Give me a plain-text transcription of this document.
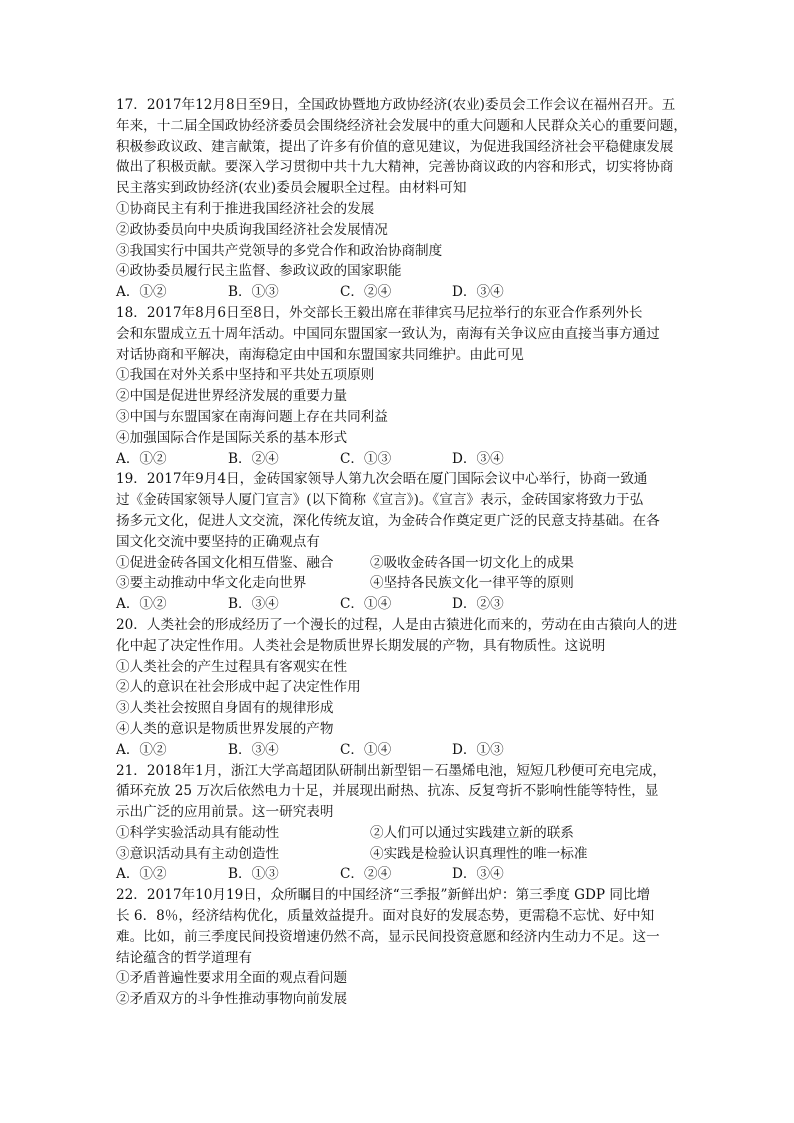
17．2017年12月8日至9日，全国政协暨地方政协经济(农业)委员会工作会议在福州召开。五
年来，十二届全国政协经济委员会围绕经济社会发展中的重大问题和人民群众关心的重要问题，
积极参政议政、建言献策，提出了许多有价值的意见建议，为促进我国经济社会平稳健康发展
做出了积极贡献。要深入学习贯彻中共十九大精神，完善协商议政的内容和形式，切实将协商
民主落实到政协经济(农业)委员会履职全过程。由材料可知
①协商民主有利于推进我国经济社会的发展
②政协委员向中央质询我国经济社会发展情况
③我国实行中国共产党领导的多党合作和政治协商制度
④政协委员履行民主监督、参政议政的国家职能
A．①②	B．①③	C．②④	D．③④
18．2017年8月6日至8日，外交部长王毅出席在菲律宾马尼拉举行的东亚合作系列外长
会和东盟成立五十周年活动。中国同东盟国家一致认为，南海有关争议应由直接当事方通过
对话协商和平解决，南海稳定由中国和东盟国家共同维护。由此可见
①我国在对外关系中坚持和平共处五项原则
②中国是促进世界经济发展的重要力量
③中国与东盟国家在南海问题上存在共同利益
④加强国际合作是国际关系的基本形式
A．①②	B．②④	C．①③	D．③④
19．2017年9月4日，金砖国家领导人第九次会晤在厦门国际会议中心举行，协商一致通
过《金砖国家领导人厦门宣言》(以下简称《宣言》)。《宣言》表示，金砖国家将致力于弘
扬多元文化，促进人文交流，深化传统友谊，为金砖合作奠定更广泛的民意支持基础。在各
国文化交流中要坚持的正确观点有
①促进金砖各国文化相互借鉴、融合	②吸收金砖各国一切文化上的成果
③要主动推动中华文化走向世界	④坚持各民族文化一律平等的原则
A．①②	B．③④	C．①④	D．②③
20．人类社会的形成经历了一个漫长的过程，人是由古猿进化而来的，劳动在由古猿向人的进
化中起了决定性作用。人类社会是物质世界长期发展的产物，具有物质性。这说明
①人类社会的产生过程具有客观实在性
②人的意识在社会形成中起了决定性作用
③人类社会按照自身固有的规律形成
④人类的意识是物质世界发展的产物
A．①②	B．③④	C．①④	D．①③
21．2018年1月，浙江大学高超团队研制出新型铝－石墨烯电池，短短几秒便可充电完成，
循环充放 25 万次后依然电力十足，并展现出耐热、抗冻、反复弯折不影响性能等特性，显
示出广泛的应用前景。这一研究表明
①科学实验活动具有能动性	②人们可以通过实践建立新的联系
③意识活动具有主动创造性	④实践是检验认识真理性的唯一标准
A．①②	B．①③	C．②④	D．③④
22．2017年10月19日，众所瞩目的中国经济“三季报”新鲜出炉：第三季度 GDP 同比增
长 6．8％，经济结构优化，质量效益提升。面对良好的发展态势，更需稳不忘忧、好中知
难。比如，前三季度民间投资增速仍然不高，显示民间投资意愿和经济内生动力不足。这一
结论蕴含的哲学道理有
①矛盾普遍性要求用全面的观点看问题
②矛盾双方的斗争性推动事物向前发展
